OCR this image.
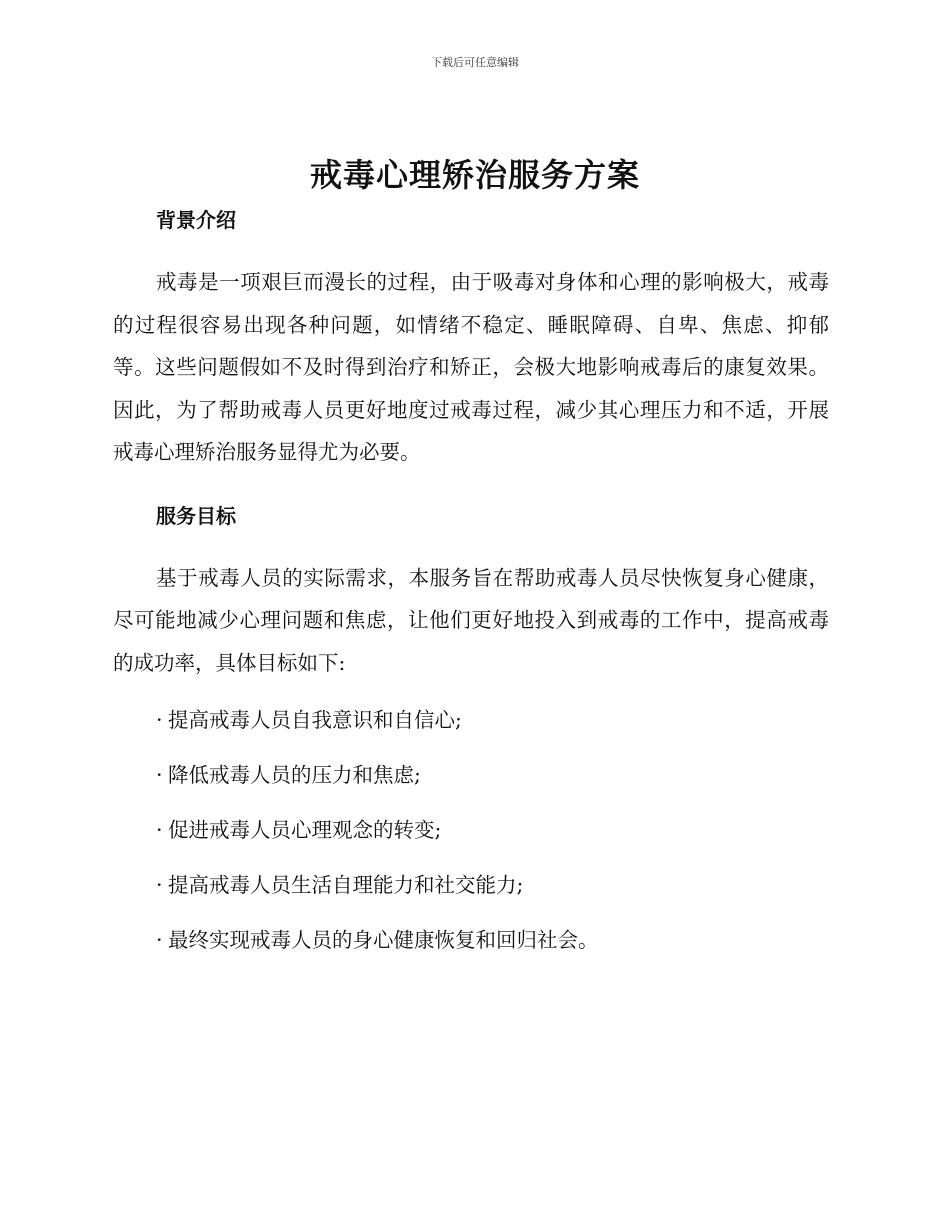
下载后可任意编辑
戒毒心理矫治服务方案
背景介绍

戒毒是一项艰巨而漫长的过程，由于吸毒对身体和心理的影响极大，戒毒的过程很容易出现各种问题，如情绪不稳定、睡眠障碍、自卑、焦虑、抑郁等。这些问题假如不及时得到治疗和矫正，会极大地影响戒毒后的康复效果。因此，为了帮助戒毒人员更好地度过戒毒过程，减少其心理压力和不适，开展戒毒心理矫治服务显得尤为必要。

服务目标

基于戒毒人员的实际需求，本服务旨在帮助戒毒人员尽快恢复身心健康，尽可能地减少心理问题和焦虑，让他们更好地投入到戒毒的工作中，提高戒毒的成功率，具体目标如下:

· 提高戒毒人员自我意识和自信心;
· 降低戒毒人员的压力和焦虑;
· 促进戒毒人员心理观念的转变;
· 提高戒毒人员生活自理能力和社交能力;
· 最终实现戒毒人员的身心健康恢复和回归社会。
